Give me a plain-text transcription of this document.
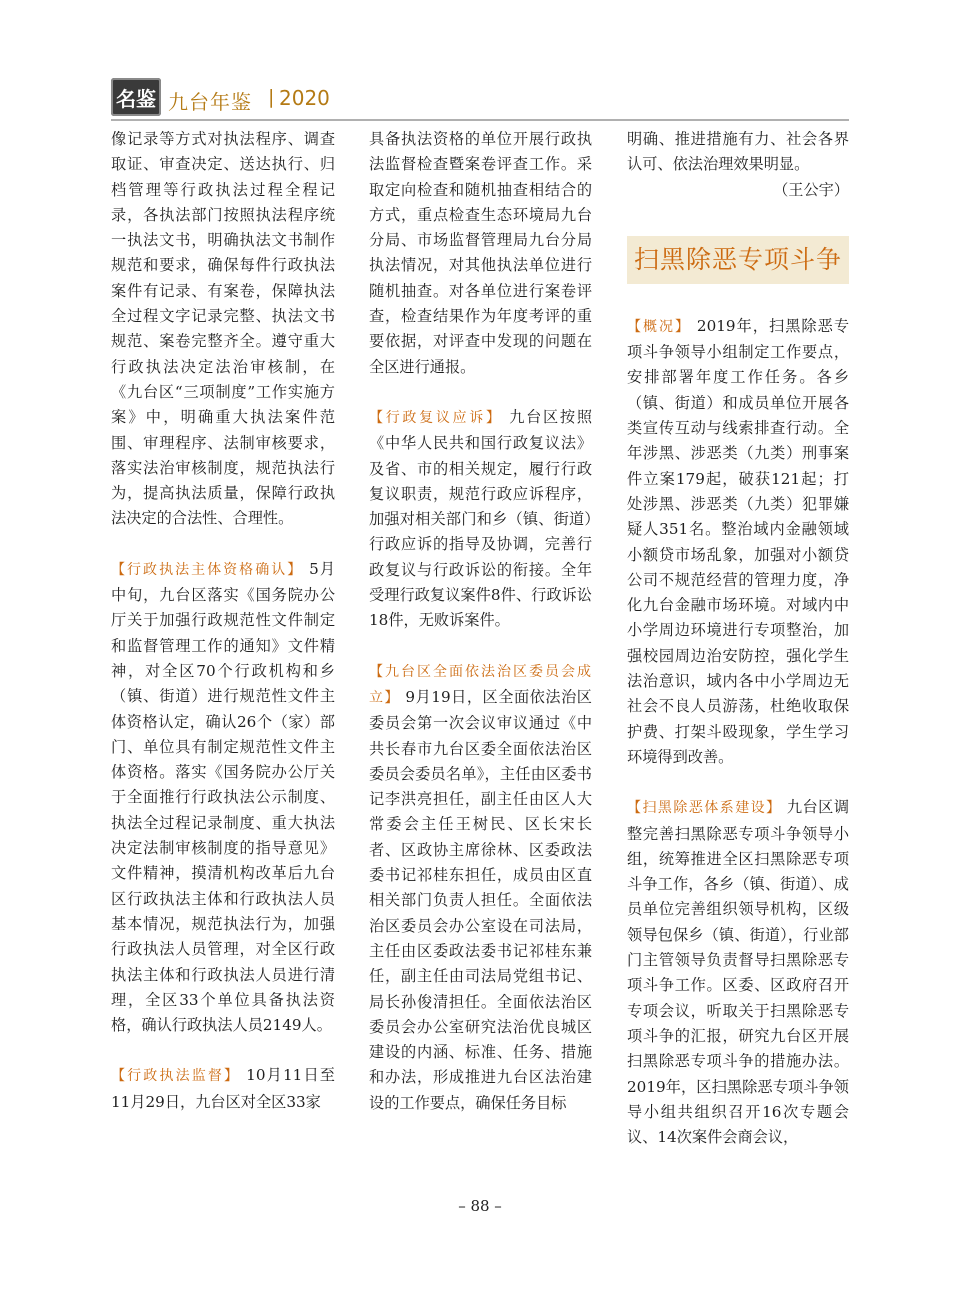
名鉴 九台年鉴 | 2020

像记录等方式对执法程序、调查取证、审查决定、送达执行、归档管理等行政执法过程全程记录，各执法部门按照执法程序统一执法文书，明确执法文书制作规范和要求，确保每件行政执法案件有记录、有案卷，保障执法全过程文字记录完整、执法文书规范、案卷完整齐全。遵守重大行政执法决定法治审核制，在《九台区“三项制度”工作实施方案》中，明确重大执法案件范围、审理程序、法制审核要求，落实法治审核制度，规范执法行为，提高执法质量，保障行政执法决定的合法性、合理性。

【行政执法主体资格确认】 5月中旬，九台区落实《国务院办公厅关于加强行政规范性文件制定和监督管理工作的通知》文件精神，对全区70个行政机构和乡（镇、街道）进行规范性文件主体资格认定，确认26个（家）部门、单位具有制定规范性文件主体资格。落实《国务院办公厅关于全面推行行政执法公示制度、执法全过程记录制度、重大执法决定法制审核制度的指导意见》文件精神，摸清机构改革后九台区行政执法主体和行政执法人员基本情况，规范执法行为，加强行政执法人员管理，对全区行政执法主体和行政执法人员进行清理，全区33个单位具备执法资格，确认行政执法人员2149人。

【行政执法监督】 10月11日至11月29日，九台区对全区33家

具备执法资格的单位开展行政执法监督检查暨案卷评查工作。采取定向检查和随机抽查相结合的方式，重点检查生态环境局九台分局、市场监督管理局九台分局执法情况，对其他执法单位进行随机抽查。对各单位进行案卷评查，检查结果作为年度考评的重要依据，对评查中发现的问题在全区进行通报。

【行政复议应诉】 九台区按照《中华人民共和国行政复议法》及省、市的相关规定，履行行政复议职责，规范行政应诉程序，加强对相关部门和乡（镇、街道）行政应诉的指导及协调，完善行政复议与行政诉讼的衔接。全年受理行政复议案件8件、行政诉讼18件，无败诉案件。

【九台区全面依法治区委员会成立】 9月19日，区全面依法治区委员会第一次会议审议通过《中共长春市九台区委全面依法治区委员会委员名单》，主任由区委书记李洪亮担任，副主任由区人大常委会主任王树民、区长宋长者、区政协主席徐林、区委政法委书记祁桂东担任，成员由区直相关部门负责人担任。全面依法治区委员会办公室设在司法局，主任由区委政法委书记祁桂东兼任，副主任由司法局党组书记、局长孙俊清担任。全面依法治区委员会办公室研究法治优良城区建设的内涵、标准、任务、措施和办法，形成推进九台区法治建设的工作要点，确保任务目标

明确、推进措施有力、社会各界认可、依法治理效果明显。

（王公宇）
扫黑除恶专项斗争

【概况】 2019年，扫黑除恶专项斗争领导小组制定工作要点，安排部署年度工作任务。各乡（镇、街道）和成员单位开展各类宣传互动与线索排查行动。全年涉黑、涉恶类（九类）刑事案件立案179起，破获121起；打处涉黑、涉恶类（九类）犯罪嫌疑人351名。整治域内金融领域小额贷市场乱象，加强对小额贷公司不规范经营的管理力度，净化九台金融市场环境。对域内中小学周边环境进行专项整治，加强校园周边治安防控，强化学生法治意识，域内各中小学周边无社会不良人员游荡，杜绝收取保护费、打架斗殴现象，学生学习环境得到改善。

【扫黑除恶体系建设】 九台区调整完善扫黑除恶专项斗争领导小组，统筹推进全区扫黑除恶专项斗争工作，各乡（镇、街道）、成员单位完善组织领导机构，区级领导包保乡（镇、街道），行业部门主管领导负责督导扫黑除恶专项斗争工作。区委、区政府召开专项会议，听取关于扫黑除恶专项斗争的汇报，研究九台区开展扫黑除恶专项斗争的措施办法。2019年，区扫黑除恶专项斗争领导小组共组织召开16次专题会议、14次案件会商会议，

– 88 –
